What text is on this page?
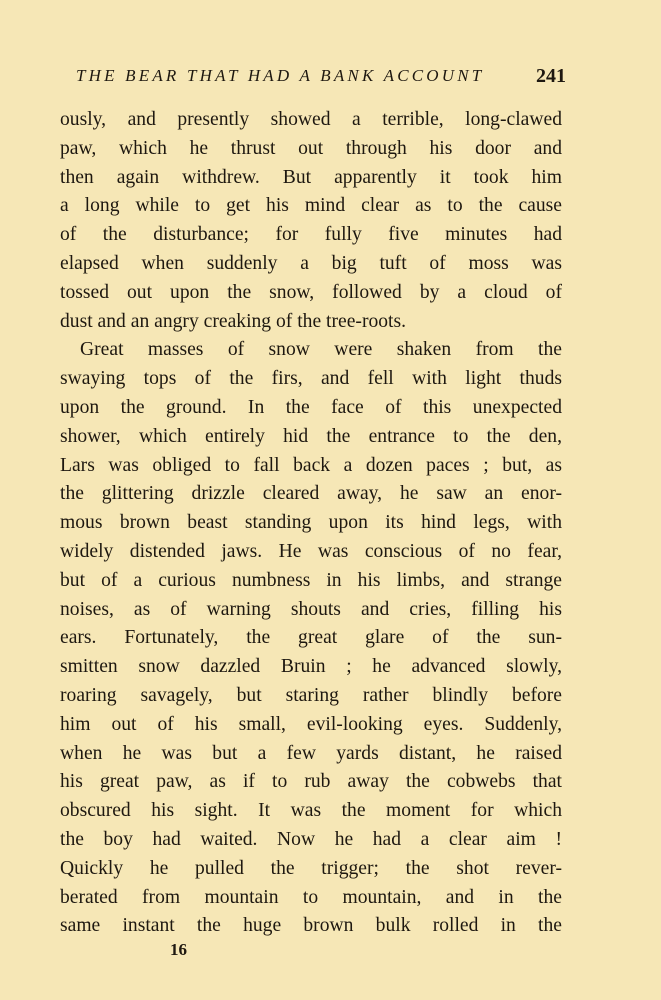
THE BEAR THAT HAD A BANK ACCOUNT	241
ously, and presently showed a terrible, long-clawed
paw, which he thrust out through his door and
then again withdrew. But apparently it took him
a long while to get his mind clear as to the cause
of the disturbance; for fully five minutes had
elapsed when suddenly a big tuft of moss was
tossed out upon the snow, followed by a cloud of
dust and an angry creaking of the tree-roots.
Great masses of snow were shaken from the
swaying tops of the firs, and fell with light thuds
upon the ground. In the face of this unexpected
shower, which entirely hid the entrance to the den,
Lars was obliged to fall back a dozen paces ; but, as
the glittering drizzle cleared away, he saw an enor-
mous brown beast standing upon its hind legs, with
widely distended jaws. He was conscious of no fear,
but of a curious numbness in his limbs, and strange
noises, as of warning shouts and cries, filling his
ears. Fortunately, the great glare of the sun-
smitten snow dazzled Bruin ; he advanced slowly,
roaring savagely, but staring rather blindly before
him out of his small, evil-looking eyes. Suddenly,
when he was but a few yards distant, he raised
his great paw, as if to rub away the cobwebs that
obscured his sight. It was the moment for which
the boy had waited. Now he had a clear aim !
Quickly he pulled the trigger; the shot rever-
berated from mountain to mountain, and in the
same instant the huge brown bulk rolled in the
16
